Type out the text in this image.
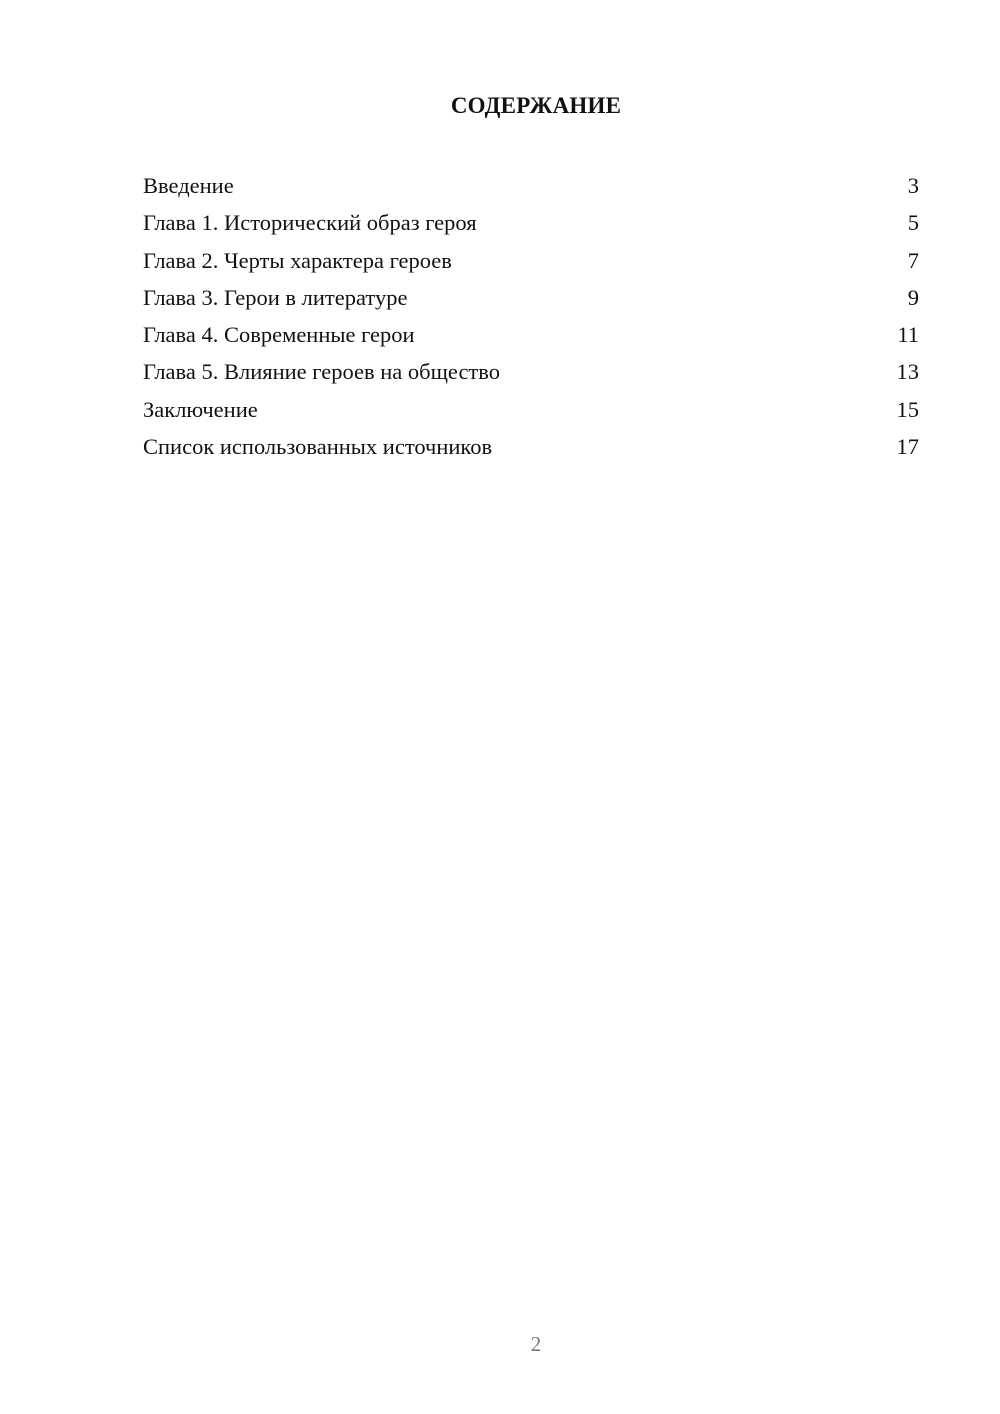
СОДЕРЖАНИЕ
Введение	3
Глава 1. Исторический образ героя	5
Глава 2. Черты характера героев	7
Глава 3. Герои в литературе	9
Глава 4. Современные герои	11
Глава 5. Влияние героев на общество	13
Заключение	15
Список использованных источников	17
2
